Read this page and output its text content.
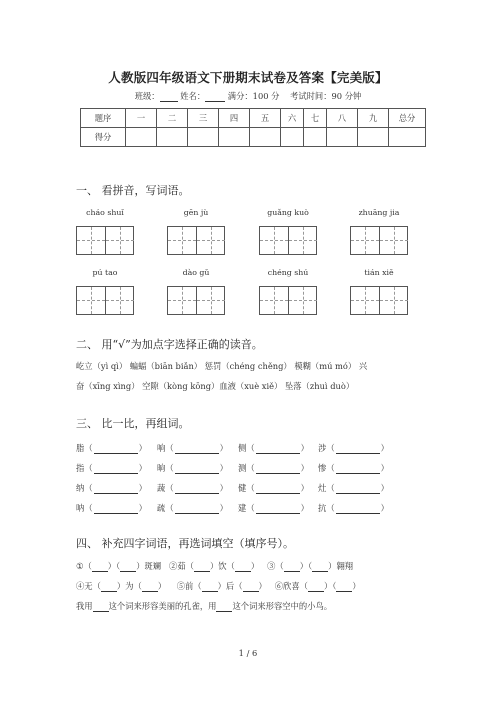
人教版四年级语文下册期末试卷及答案【完美版】
班级： 姓名：	满分：100 分 考试时间：90 分钟
题序	一	二	三	四	五	六	七	八	九	总分
得分										
一、 看拼音，写词语。
cháo shuǐ	gēn jù	guǎng kuò	zhuāng jia
pú tao	dào gǔ	chéng shú	tián xiě
二、 用“√”为加点字选择正确的读音。
屹立（yì qì） 蝙蝠（biān biǎn） 惩罚（chéng chěng） 模糊（mú mó） 兴
奋（xīng xìng） 空隙（kòng kōng）血液（xuè xiě） 坠落（zhuì duò）
三、 比一比，再组词。
脂（	） 响（	） 侧（	） 涉（	）
指（	） 晌（	） 测（	） 惨（	）
纳（	） 蔬（	） 健（	） 灶（	）
呐（	） 疏（	） 建（	） 抗（	）
四、 补充四字词语，再选词填空（填序号）。
①（ ）（ ）斑斓 ②茹（ ）饮（ ） ③（ ）（ ）翱翔
④无（ ）为（ ） ⑤前（ ）后（ ） ⑥欣喜（ ）（ ）
我用 这个词来形容美丽的孔雀，用 这个词来形容空中的小鸟。
1 / 6
